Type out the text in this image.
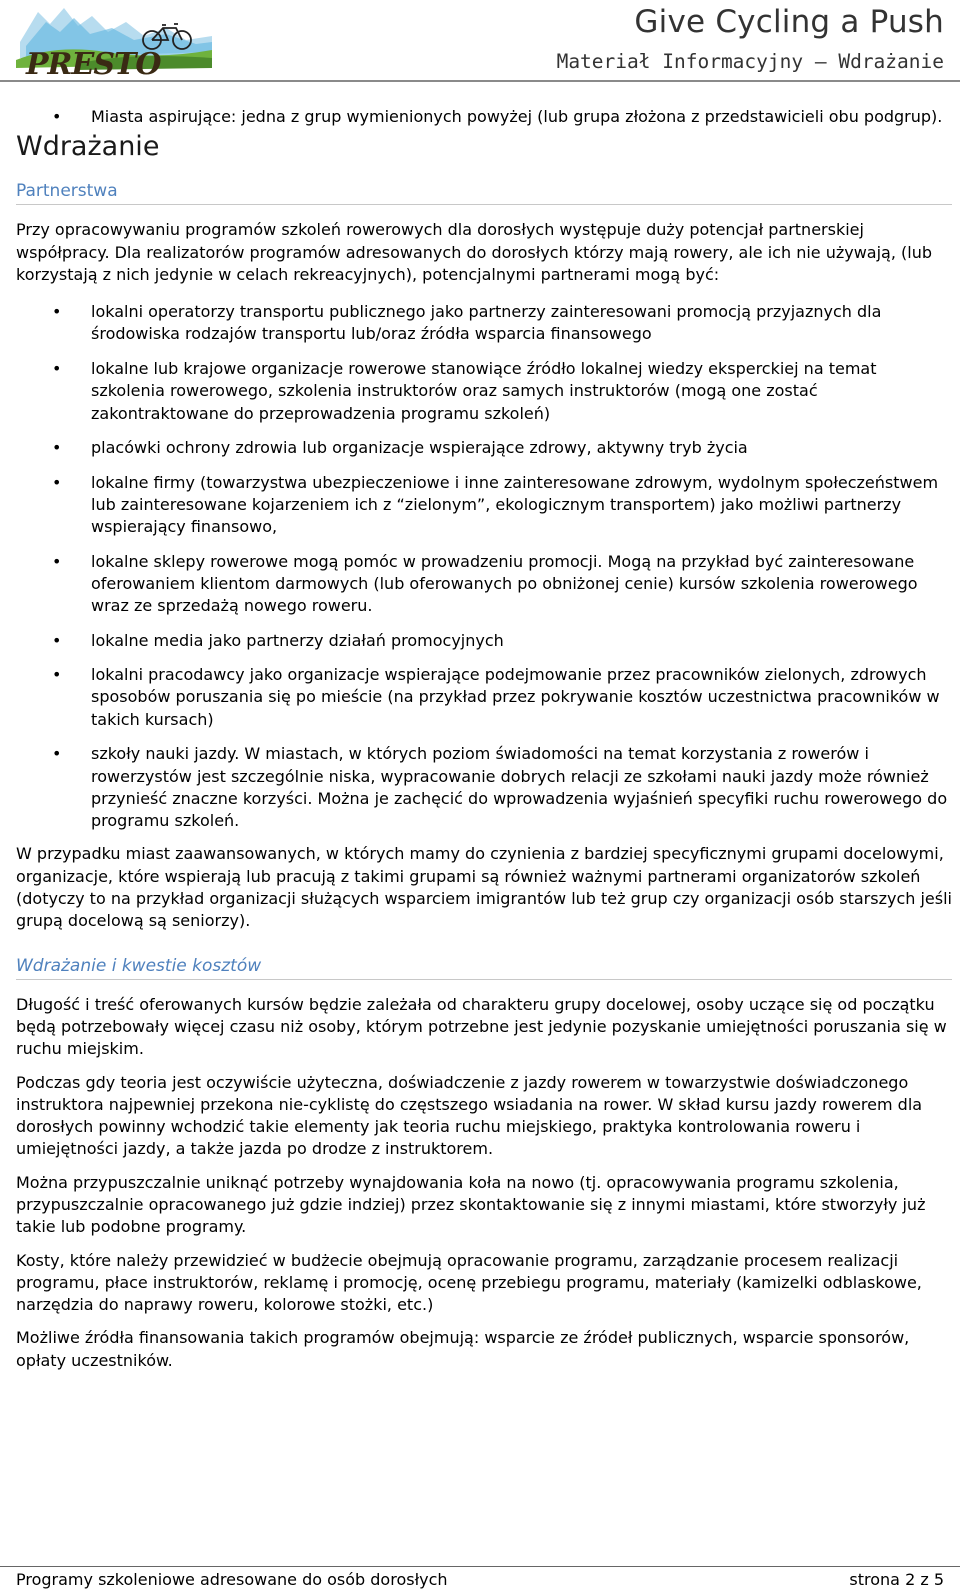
PRESTO
Give Cycling a Push
Materiał Informacyjny – Wdrażanie
• Miasta aspirujące: jedna z grup wymienionych powyżej (lub grupa złożona z przedstawicieli obu podgrup).
Wdrażanie
Partnerstwa

Przy opracowywaniu programów szkoleń rowerowych dla dorosłych występuje duży potencjał partnerskiej współpracy. Dla realizatorów programów adresowanych do dorosłych którzy mają rowery, ale ich nie używają, (lub korzystają z nich jedynie w celach rekreacyjnych), potencjalnymi partnerami mogą być:

• lokalni operatorzy transportu publicznego jako partnerzy zainteresowani promocją przyjaznych dla środowiska rodzajów transportu lub/oraz źródła wsparcia finansowego
• lokalne lub krajowe organizacje rowerowe stanowiące źródło lokalnej wiedzy eksperckiej na temat szkolenia rowerowego, szkolenia instruktorów oraz samych instruktorów (mogą one zostać zakontraktowane do przeprowadzenia programu szkoleń)
• placówki ochrony zdrowia lub organizacje wspierające zdrowy, aktywny tryb życia
• lokalne firmy (towarzystwa ubezpieczeniowe i inne zainteresowane zdrowym, wydolnym społeczeństwem lub zainteresowane kojarzeniem ich z “zielonym”, ekologicznym transportem) jako możliwi partnerzy wspierający finansowo,
• lokalne sklepy rowerowe mogą pomóc w prowadzeniu promocji. Mogą na przykład być zainteresowane oferowaniem klientom darmowych (lub oferowanych po obniżonej cenie) kursów szkolenia rowerowego wraz ze sprzedażą nowego roweru.
• lokalne media jako partnerzy działań promocyjnych
• lokalni pracodawcy jako organizacje wspierające podejmowanie przez pracowników zielonych, zdrowych sposobów poruszania się po mieście (na przykład przez pokrywanie kosztów uczestnictwa pracowników w takich kursach)
• szkoły nauki jazdy. W miastach, w których poziom świadomości na temat korzystania z rowerów i rowerzystów jest szczególnie niska, wypracowanie dobrych relacji ze szkołami nauki jazdy może również przynieść znaczne korzyści. Można je zachęcić do wprowadzenia wyjaśnień specyfiki ruchu rowerowego do programu szkoleń.

W przypadku miast zaawansowanych, w których mamy do czynienia z bardziej specyficznymi grupami docelowymi, organizacje, które wspierają lub pracują z takimi grupami są również ważnymi partnerami organizatorów szkoleń (dotyczy to na przykład organizacji służących wsparciem imigrantów lub też grup czy organizacji osób starszych jeśli grupą docelową są seniorzy).

Wdrażanie i kwestie kosztów

Długość i treść oferowanych kursów będzie zależała od charakteru grupy docelowej, osoby uczące się od początku będą potrzebowały więcej czasu niż osoby, którym potrzebne jest jedynie pozyskanie umiejętności poruszania się w ruchu miejskim.

Podczas gdy teoria jest oczywiście użyteczna, doświadczenie z jazdy rowerem w towarzystwie doświadczonego instruktora najpewniej przekona nie-cyklistę do częstszego wsiadania na rower. W skład kursu jazdy rowerem dla dorosłych powinny wchodzić takie elementy jak teoria ruchu miejskiego, praktyka kontrolowania roweru i umiejętności jazdy, a także jazda po drodze z instruktorem.

Można przypuszczalnie uniknąć potrzeby wynajdowania koła na nowo (tj. opracowywania programu szkolenia, przypuszczalnie opracowanego już gdzie indziej) przez skontaktowanie się z innymi miastami, które stworzyły już takie lub podobne programy.

Kosty, które należy przewidzieć w budżecie obejmują opracowanie programu, zarządzanie procesem realizacji programu, płace instruktorów, reklamę i promocję, ocenę przebiegu programu, materiały (kamizelki odblaskowe, narzędzia do naprawy roweru, kolorowe stożki, etc.)

Możliwe źródła finansowania takich programów obejmują: wsparcie ze źródeł publicznych, wsparcie sponsorów, opłaty uczestników.

Programy szkoleniowe adresowane do osób dorosłych	strona 2 z 5
